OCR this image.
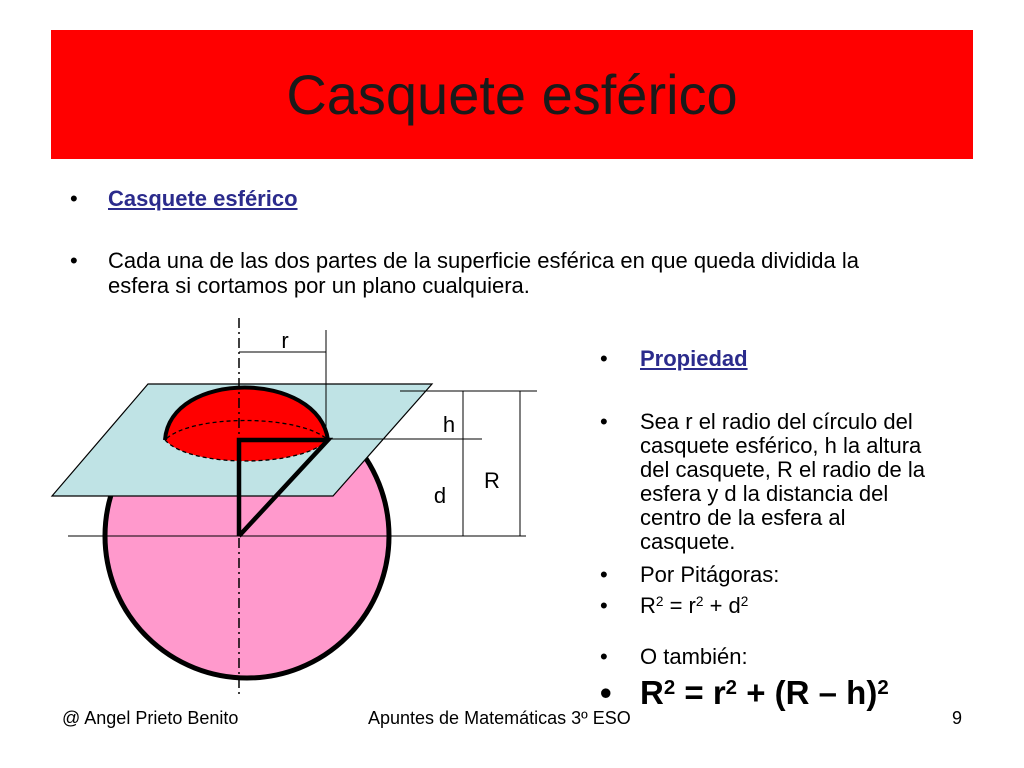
Casquete esférico
• Casquete esférico
• Cada una de las dos partes de la superficie esférica en que queda dividida la esfera si cortamos por un plano cualquiera.
r
h
d
R
• Propiedad
• Sea r el radio del círculo del casquete esférico, h la altura del casquete, R el radio de la esfera y d la distancia del centro de la esfera al casquete.
• Por Pitágoras:
• $R^2 = r^2 + d^2$
• O también:
• $R^2 = r^2 + (R - h)^2$
@ Angel Prieto Benito	Apuntes de Matemáticas 3º ESO	9
